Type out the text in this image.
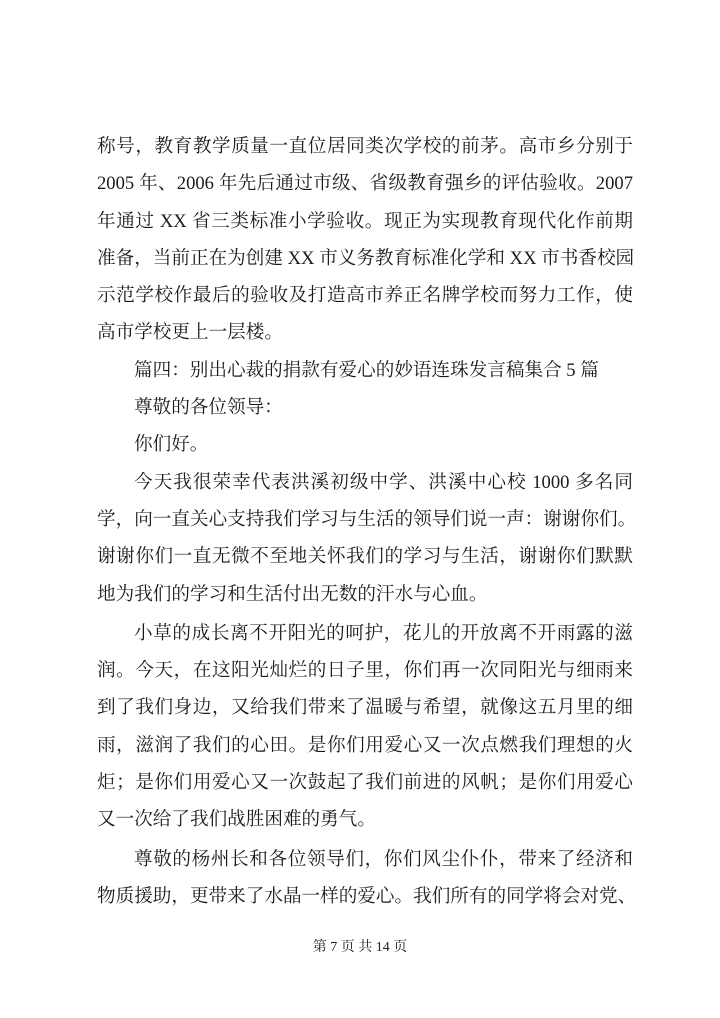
称号，教育教学质量一直位居同类次学校的前茅。高市乡分别于
2005 年、2006 年先后通过市级、省级教育强乡的评估验收。2007
年通过 XX 省三类标准小学验收。现正为实现教育现代化作前期
准备，当前正在为创建 XX 市义务教育标准化学和 XX 市书香校园
示范学校作最后的验收及打造高市养正名牌学校而努力工作，使
高市学校更上一层楼。
篇四：别出心裁的捐款有爱心的妙语连珠发言稿集合 5 篇
尊敬的各位领导：
你们好。
今天我很荣幸代表洪溪初级中学、洪溪中心校 1000 多名同
学，向一直关心支持我们学习与生活的领导们说一声：谢谢你们。
谢谢你们一直无微不至地关怀我们的学习与生活，谢谢你们默默
地为我们的学习和生活付出无数的汗水与心血。
小草的成长离不开阳光的呵护，花儿的开放离不开雨露的滋
润。今天，在这阳光灿烂的日子里，你们再一次同阳光与细雨来
到了我们身边，又给我们带来了温暖与希望，就像这五月里的细
雨，滋润了我们的心田。是你们用爱心又一次点燃我们理想的火
炬；是你们用爱心又一次鼓起了我们前进的风帆；是你们用爱心
又一次给了我们战胜困难的勇气。
尊敬的杨州长和各位领导们，你们风尘仆仆，带来了经济和
物质援助，更带来了水晶一样的爱心。我们所有的同学将会对党、
第 7 页 共 14 页
